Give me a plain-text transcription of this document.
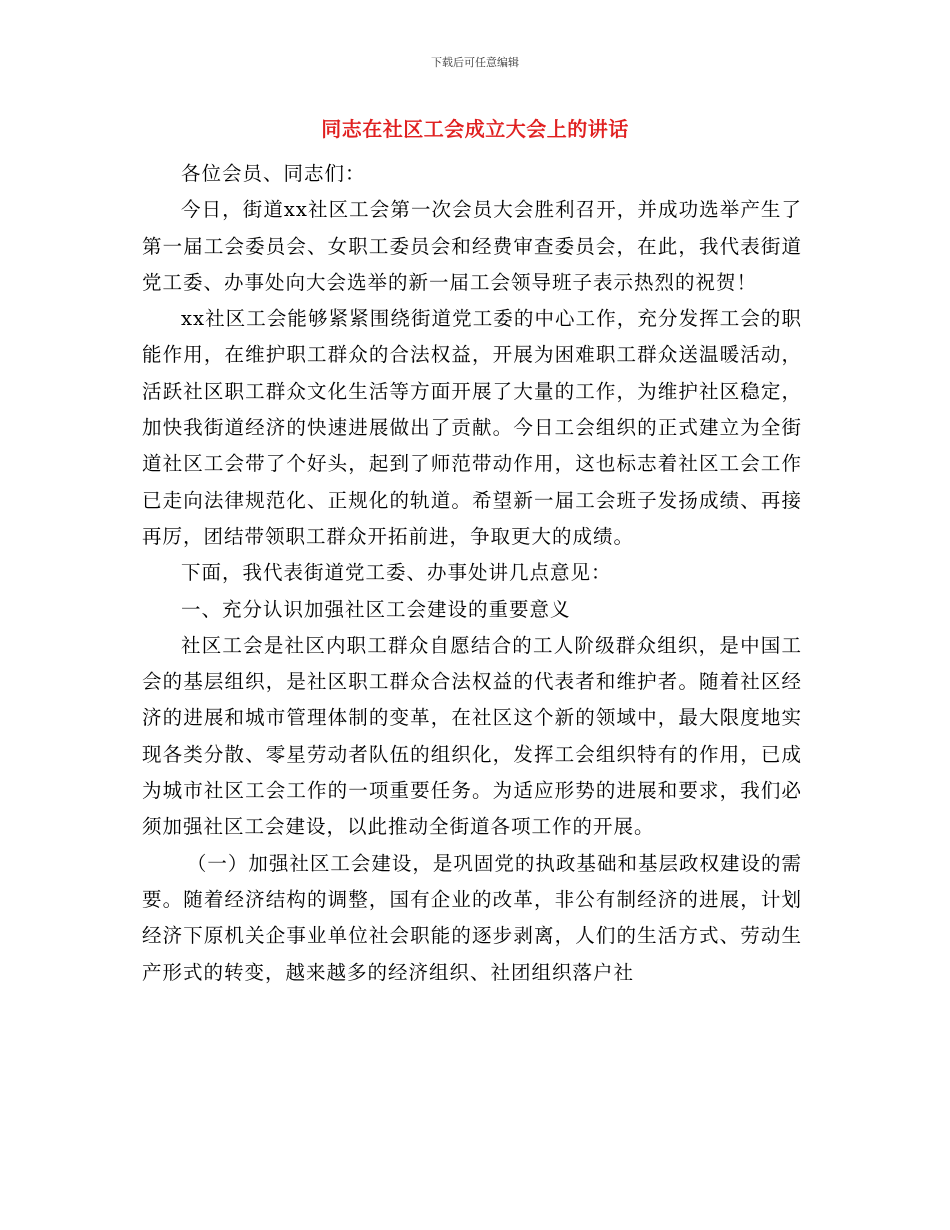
下载后可任意编辑
同志在社区工会成立大会上的讲话

各位会员、同志们：

今日，街道xx社区工会第一次会员大会胜利召开，并成功选举产生了第一届工会委员会、女职工委员会和经费审查委员会，在此，我代表街道党工委、办事处向大会选举的新一届工会领导班子表示热烈的祝贺！

xx社区工会能够紧紧围绕街道党工委的中心工作，充分发挥工会的职能作用，在维护职工群众的合法权益，开展为困难职工群众送温暖活动，活跃社区职工群众文化生活等方面开展了大量的工作，为维护社区稳定，加快我街道经济的快速进展做出了贡献。今日工会组织的正式建立为全街道社区工会带了个好头，起到了师范带动作用，这也标志着社区工会工作已走向法律规范化、正规化的轨道。希望新一届工会班子发扬成绩、再接再厉，团结带领职工群众开拓前进，争取更大的成绩。

下面，我代表街道党工委、办事处讲几点意见：

一、充分认识加强社区工会建设的重要意义

社区工会是社区内职工群众自愿结合的工人阶级群众组织，是中国工会的基层组织，是社区职工群众合法权益的代表者和维护者。随着社区经济的进展和城市管理体制的变革，在社区这个新的领域中，最大限度地实现各类分散、零星劳动者队伍的组织化，发挥工会组织特有的作用，已成为城市社区工会工作的一项重要任务。为适应形势的进展和要求，我们必须加强社区工会建设，以此推动全街道各项工作的开展。

（一）加强社区工会建设，是巩固党的执政基础和基层政权建设的需要。随着经济结构的调整，国有企业的改革，非公有制经济的进展，计划经济下原机关企事业单位社会职能的逐步剥离，人们的生活方式、劳动生产形式的转变，越来越多的经济组织、社团组织落户社
